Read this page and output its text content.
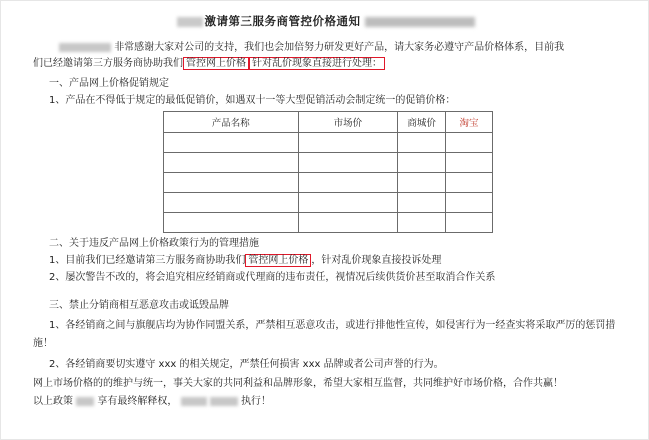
激请第三服务商管控价格通知
非常感谢大家对公司的支持，我们也会加倍努力研发更好产品，请大家务必遵守产品价格体系，目前我
们已经邀请第三方服务商协助我们 管控网上价格 针对乱价现象直接进行处理：
一、产品网上价格促销规定
1、产品在不得低于规定的最低促销价，如遇双十一等大型促销活动会制定统一的促销价格：
产品名称	市场价	商城价	淘宝

二、关于违反产品网上价格政策行为的管理措施
1、目前我们已经邀请第三方服务商协助我们 管控网上价格 ，针对乱价现象直接投诉处理
2、屡次警告不改的，将会追究相应经销商或代理商的违布责任，视情况后续供货价甚至取消合作关系
三、禁止分销商相互恶意攻击或诋毁品牌
1、各经销商之间与旗舰店均为协作同盟关系，严禁相互恶意攻击，或进行排他性宣传，如侵害行为一经查实将采取严厉的惩罚措
施！
2、各经销商要切实遵守 xxx 的相关规定，严禁任何损害 xxx 品牌或者公司声誉的行为。
网上市场价格的的维护与统一，事关大家的共同利益和品牌形象，希望大家相互监督，共同维护好市场价格，合作共赢！
以上政策 享有最终解释权，	执行！
